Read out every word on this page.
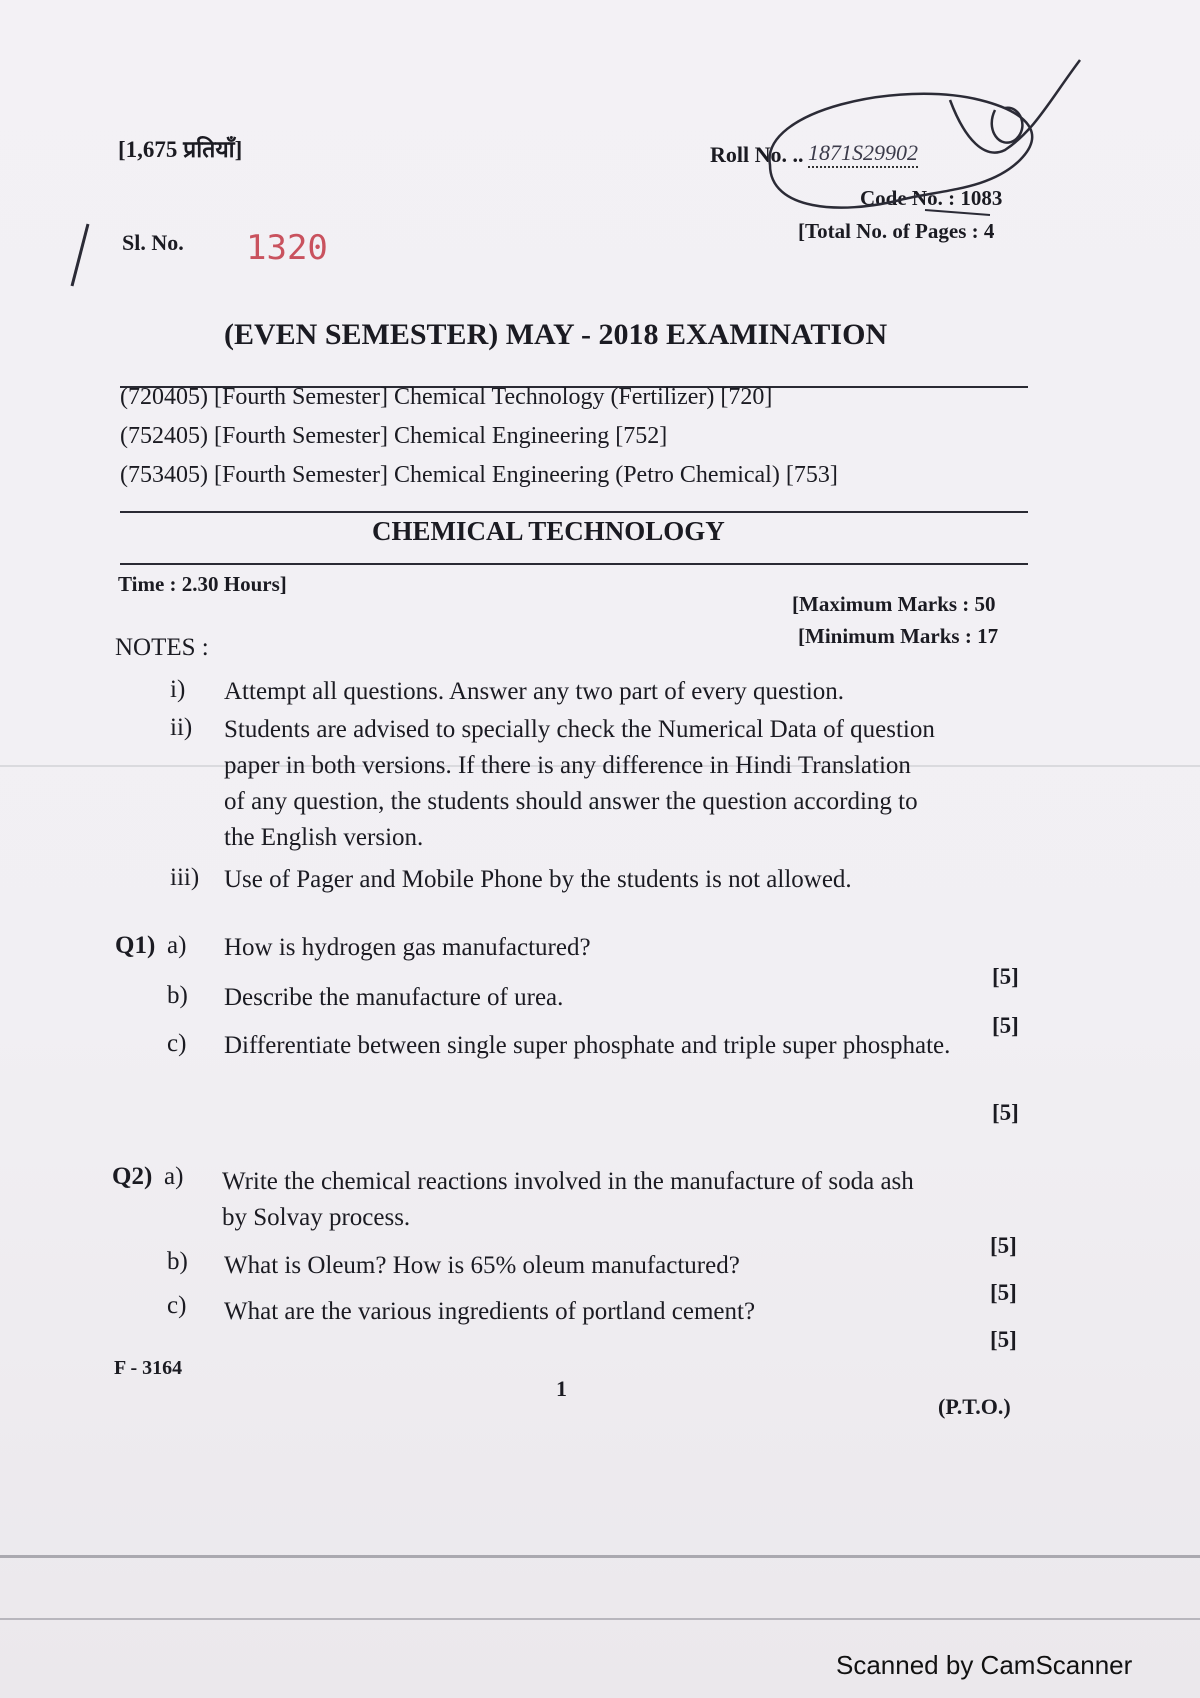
[1,675 प्रतियाँ]	Roll No. .. 1871S29902
Code No. : 1083
[Total No. of Pages : 4
Sl. No. 1320
(EVEN SEMESTER) MAY - 2018 EXAMINATION
(720405) [Fourth Semester] Chemical Technology (Fertilizer) [720]
(752405) [Fourth Semester] Chemical Engineering [752]
(753405) [Fourth Semester] Chemical Engineering (Petro Chemical) [753]
CHEMICAL TECHNOLOGY
Time : 2.30 Hours]
[Maximum Marks : 50
[Minimum Marks : 17
NOTES :
i) Attempt all questions. Answer any two part of every question.
ii) Students are advised to specially check the Numerical Data of question
paper in both versions. If there is any difference in Hindi Translation
of any question, the students should answer the question according to
the English version.
iii) Use of Pager and Mobile Phone by the students is not allowed.
Q1) a) How is hydrogen gas manufactured?
[5]
b) Describe the manufacture of urea.
[5]
c) Differentiate between single super phosphate and triple super phosphate.
[5]
Q2) a) Write the chemical reactions involved in the manufacture of soda ash
by Solvay process.
[5]
b) What is Oleum? How is 65% oleum manufactured?
[5]
c) What are the various ingredients of portland cement?
[5]
F - 3164
1
(P.T.O.)
Scanned by CamScanner
